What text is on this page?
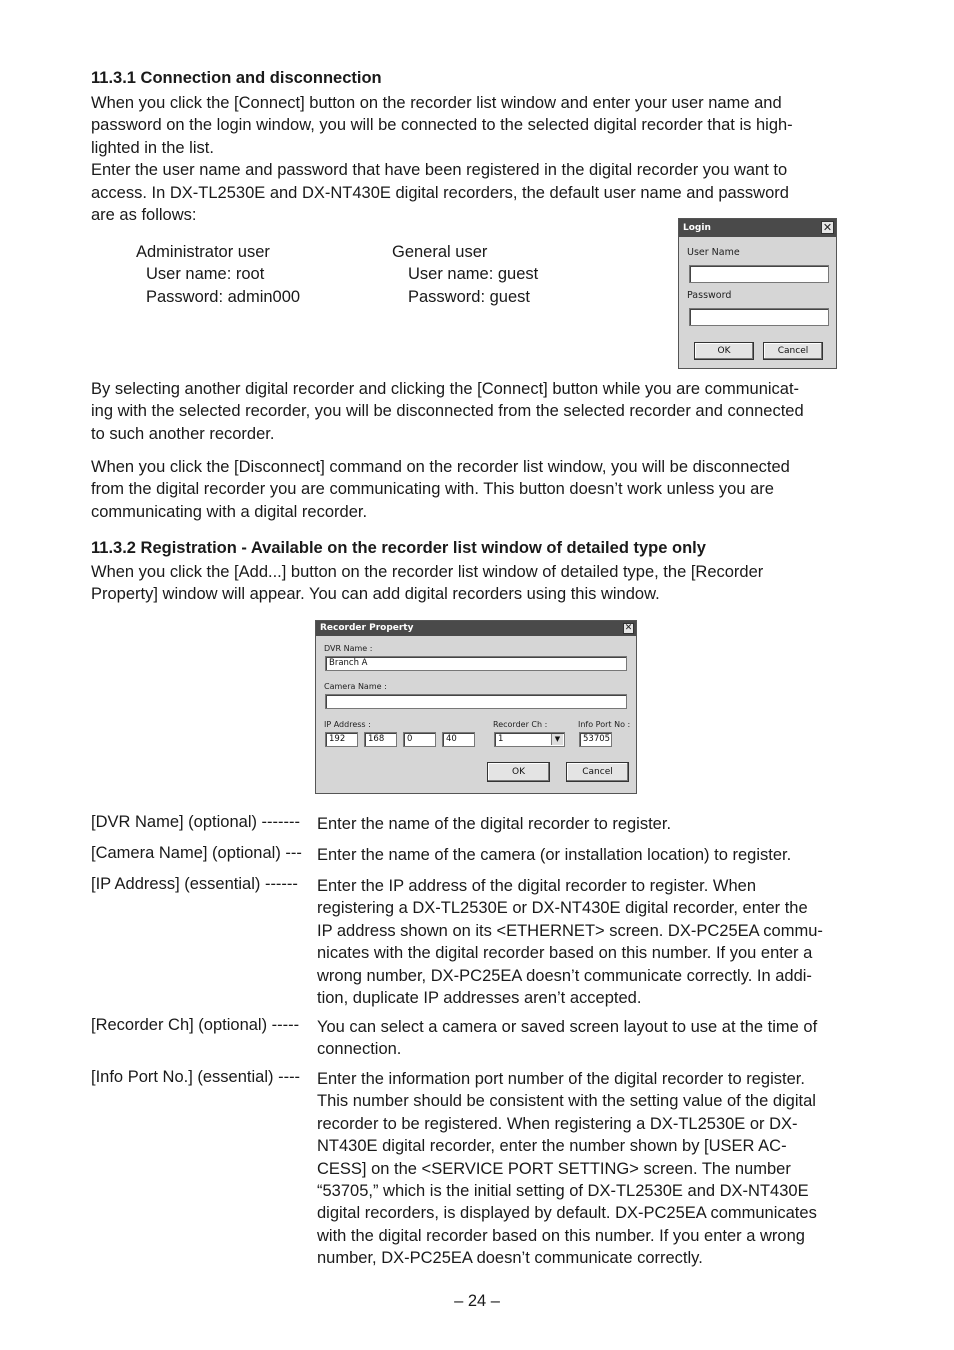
11.3.1 Connection and disconnection
When you click the [Connect] button on the recorder list window and enter your user name and
password on the login window, you will be connected to the selected digital recorder that is high-
lighted in the list.
Enter the user name and password that have been registered in the digital recorder you want to
access. In DX-TL2530E and DX-NT430E digital recorders, the default user name and password
are as follows:
Administrator user
User name: root
Password: admin000
General user
User name: guest
Password: guest
Login	✕
User Name
Password
OK	Cancel
By selecting another digital recorder and clicking the [Connect] button while you are communicat-
ing with the selected recorder, you will be disconnected from the selected recorder and connected
to such another recorder.
When you click the [Disconnect] command on the recorder list window, you will be disconnected
from the digital recorder you are communicating with. This button doesn’t work unless you are
communicating with a digital recorder.
11.3.2 Registration - Available on the recorder list window of detailed type only
When you click the [Add...] button on the recorder list window of detailed type, the [Recorder
Property] window will appear. You can add digital recorders using this window.
Recorder Property	✕
DVR Name :
Branch A
Camera Name :
IP Address :
192	168	0	40
Recorder Ch :
1	▼
Info Port No :
53705
OK	Cancel
[DVR Name] (optional) ------- Enter the name of the digital recorder to register.
[Camera Name] (optional) --- Enter the name of the camera (or installation location) to register.
[IP Address] (essential) ------ Enter the IP address of the digital recorder to register. When
registering a DX-TL2530E or DX-NT430E digital recorder, enter the
IP address shown on its <ETHERNET> screen. DX-PC25EA commu-
nicates with the digital recorder based on this number. If you enter a
wrong number, DX-PC25EA doesn’t communicate correctly. In addi-
tion, duplicate IP addresses aren’t accepted.
[Recorder Ch] (optional) ----- You can select a camera or saved screen layout to use at the time of
connection.
[Info Port No.] (essential) ---- Enter the information port number of the digital recorder to register.
This number should be consistent with the setting value of the digital
recorder to be registered. When registering a DX-TL2530E or DX-
NT430E digital recorder, enter the number shown by [USER AC-
CESS] on the <SERVICE PORT SETTING> screen. The number
“53705,” which is the initial setting of DX-TL2530E and DX-NT430E
digital recorders, is displayed by default. DX-PC25EA communicates
with the digital recorder based on this number. If you enter a wrong
number, DX-PC25EA doesn’t communicate correctly.
– 24 –
